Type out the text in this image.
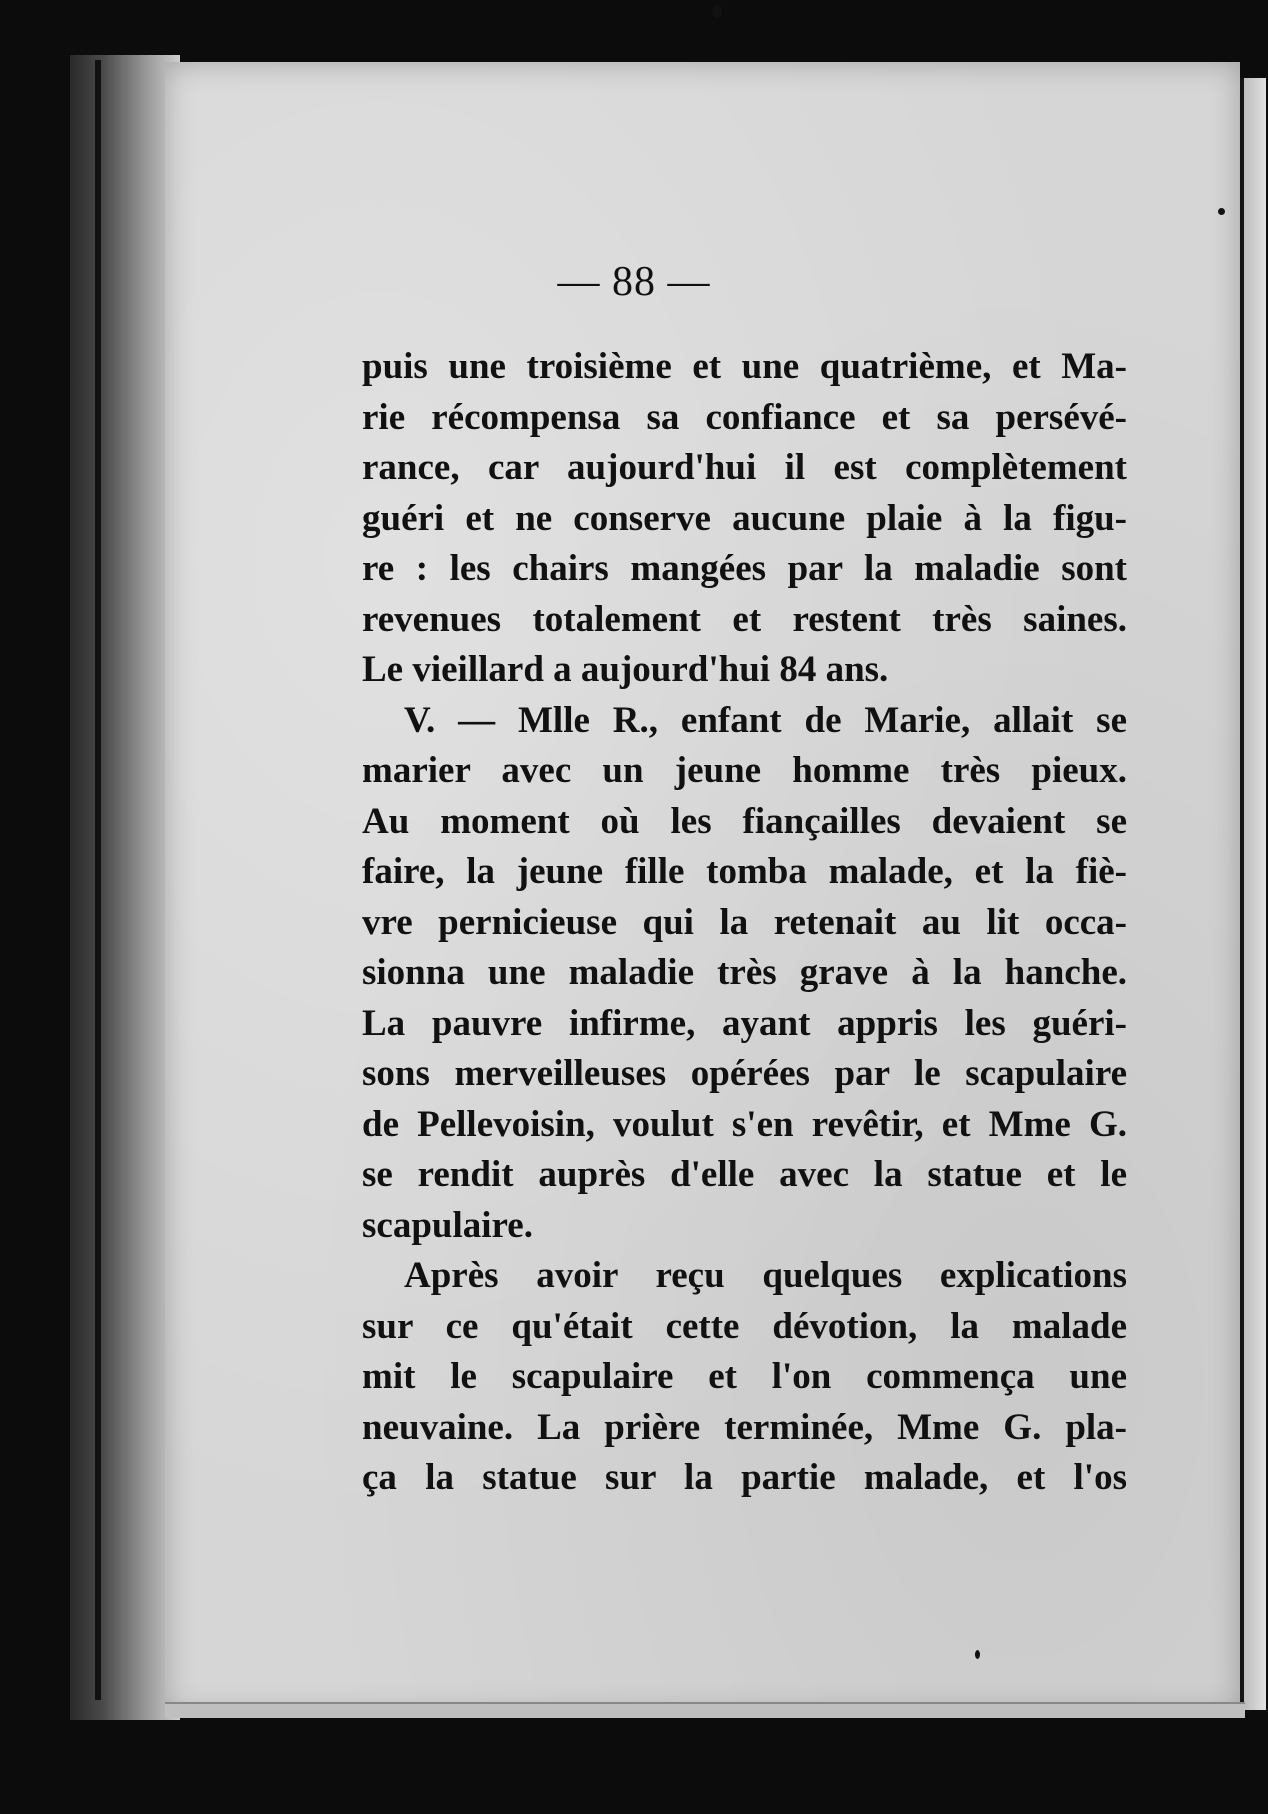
— 88 —

puis une troisième et une quatrième, et Ma-
rie récompensa sa confiance et sa persévé-
rance, car aujourd'hui il est complètement
guéri et ne conserve aucune plaie à la figu-
re : les chairs mangées par la maladie sont
revenues totalement et restent très saines.
Le vieillard a aujourd'hui 84 ans.

V. — Mlle R., enfant de Marie, allait se
marier avec un jeune homme très pieux.
Au moment où les fiançailles devaient se
faire, la jeune fille tomba malade, et la fiè-
vre pernicieuse qui la retenait au lit occa-
sionna une maladie très grave à la hanche.
La pauvre infirme, ayant appris les guéri-
sons merveilleuses opérées par le scapulaire
de Pellevoisin, voulut s'en revêtir, et Mme G.
se rendit auprès d'elle avec la statue et le
scapulaire.

Après avoir reçu quelques explications
sur ce qu'était cette dévotion, la malade
mit le scapulaire et l'on commença une
neuvaine. La prière terminée, Mme G. pla-
ça la statue sur la partie malade, et l'os
